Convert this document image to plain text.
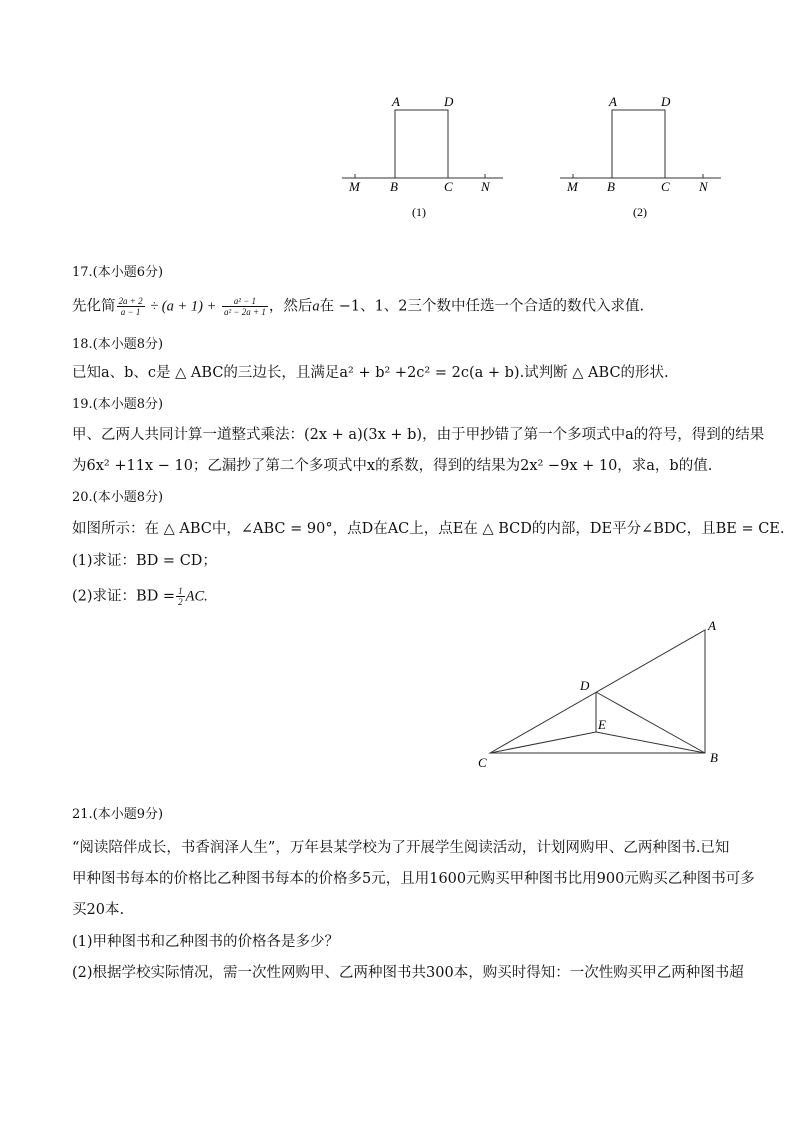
A	D
M B	C N
(1)
A	D
M B	C N
(2)
17.(本小题6分)
先化简 $\frac{2a + 2}{a - 1} \div (a + 1) + \frac{\text{a² − 1}}{\text{a² − 2a + 1}}$ ，然后a在 −1、1、2三个数中任选一个合适的数代入求值.
18.(本小题8分)
已知a、b、c是 △ ABC的三边长，且满足a² + b² +2c² = 2c(a + b).试判断 △ ABC的形状.
19.(本小题8分)
甲、乙两人共同计算一道整式乘法：(2x + a)(3x + b)，由于甲抄错了第一个多项式中a的符号，得到的结果
为6x² +11x − 10；乙漏抄了第二个多项式中x的系数，得到的结果为2x² −9x + 10，求a，b的值.
20.(本小题8分)
如图所示：在 △ ABC中，∠ABC = 90°，点D在AC上，点E在 △ BCD的内部，DE平分∠BDC，且BE = CE.
(1)求证：BD = CD；
(2)求证：BD = $\frac{1}{2}$ AC.
A
D
E
C	B
21.(本小题9分)
“阅读陪伴成长，书香润泽人生”，万年县某学校为了开展学生阅读活动，计划网购甲、乙两种图书.已知
甲种图书每本的价格比乙种图书每本的价格多5元，且用1600元购买甲种图书比用900元购买乙种图书可多
买20本.
(1)甲种图书和乙种图书的价格各是多少？
(2)根据学校实际情况，需一次性网购甲、乙两种图书共300本，购买时得知：一次性购买甲乙两种图书超
